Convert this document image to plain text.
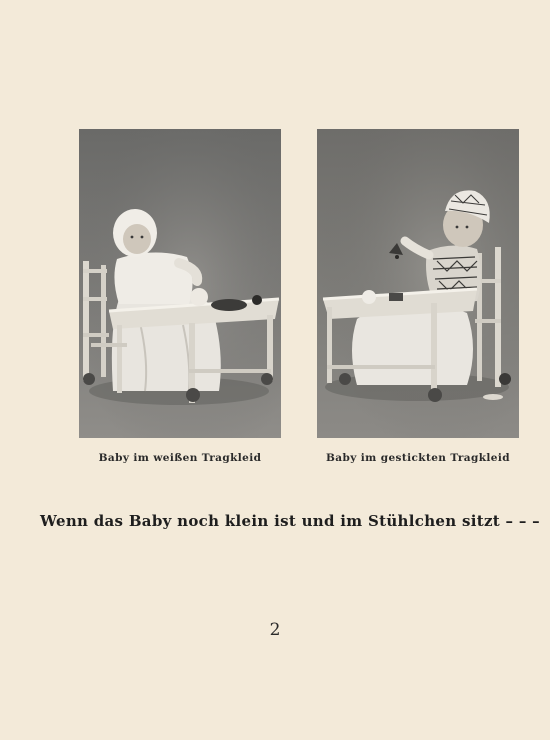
Baby im weißen Tragkleid	Baby im gestickten Tragkleid
Wenn das Baby noch klein ist und im Stühlchen sitzt – – –
2
